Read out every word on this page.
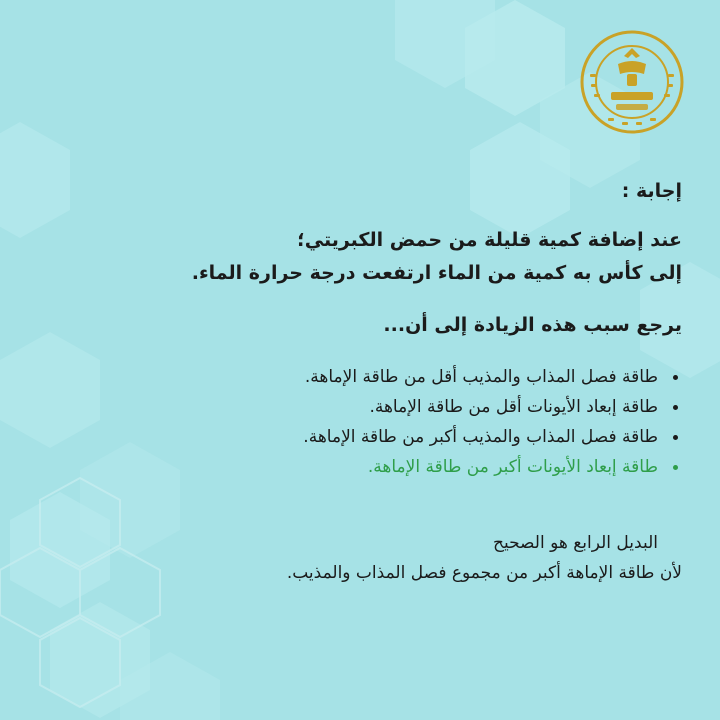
إجابة :

عند إضافة كمية قليلة من حمض الكبريتي؛

إلى كأس به كمية من الماء ارتفعت درجة حرارة الماء.

يرجع سبب هذه الزيادة إلى أن...
طاقة فصل المذاب والمذيب أقل من طاقة الإماهة.
طاقة إبعاد الأيونات أقل من طاقة الإماهة.
طاقة فصل المذاب والمذيب أكبر من طاقة الإماهة.
طاقة إبعاد الأيونات أكبر من طاقة الإماهة.

البديل الرابع هو الصحيح

لأن طاقة الإماهة أكبر من مجموع فصل المذاب والمذيب.
